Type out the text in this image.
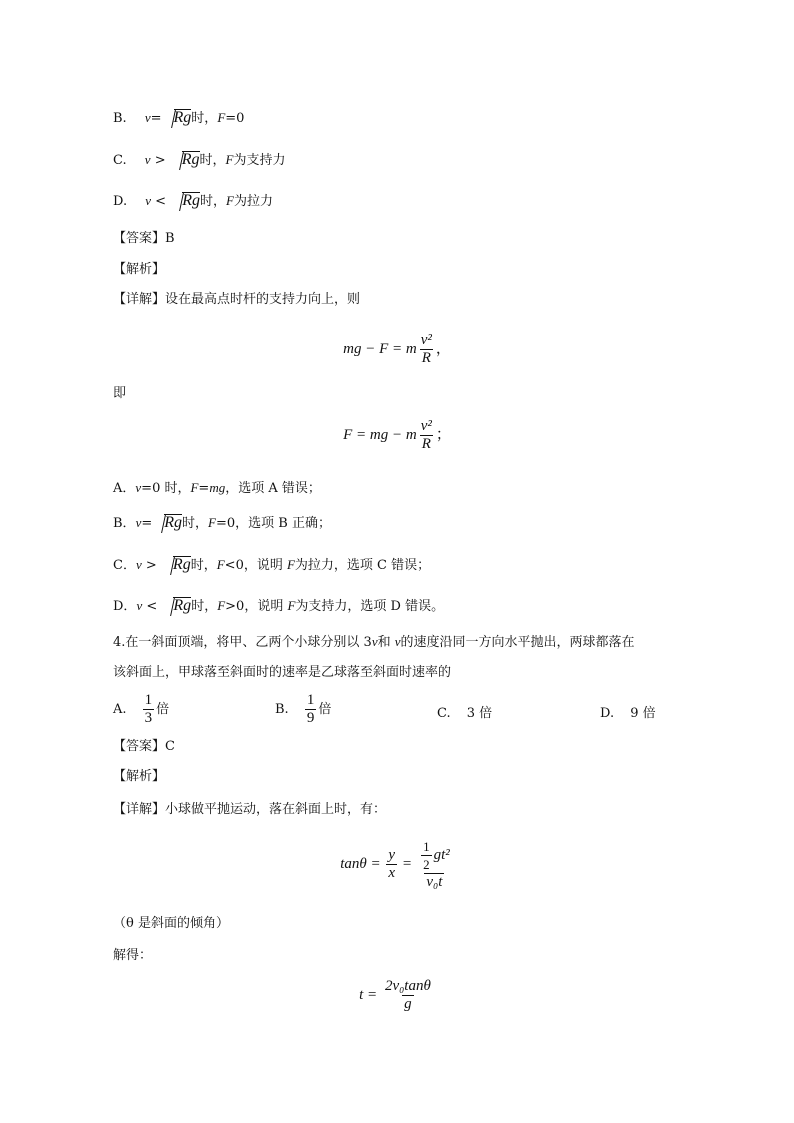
B. v= Rg时，F=0
C. v > Rg时，F为支持力
D. v < Rg时，F为拉力
【答案】B
【解析】
【详解】设在最高点时杆的支持力向上，则
mg − F = m $\frac{\text{v²}}{R}$ ，
即
F = mg − m $\frac{\text{v²}}{R}$ ；
A．v=0 时，F=mg，选项 A 错误；
B．v= Rg时，F=0，选项 B 正确；
C．v > Rg时，F<0，说明 F为拉力，选项 C 错误；
D．v < Rg时，F>0，说明 F为支持力，选项 D 错误。
4.在一斜面顶端，将甲、乙两个小球分别以 3v和 v的速度沿同一方向水平抛出，两球都落在
该斜面上，甲球落至斜面时的速率是乙球落至斜面时速率的
A. $\frac{1}{3}$ 倍	B. $\frac{1}{9}$ 倍	C. 3 倍	D. 9 倍
【答案】C
【解析】
【详解】小球做平抛运动，落在斜面上时，有：
$\tan\theta = \frac{y}{x} = \frac{\frac{1}{2} gt^2}{\text{v₀t}}$
（θ 是斜面的倾角）
解得：
$t = \frac{\text{2v₀tanθ}}{g}$
